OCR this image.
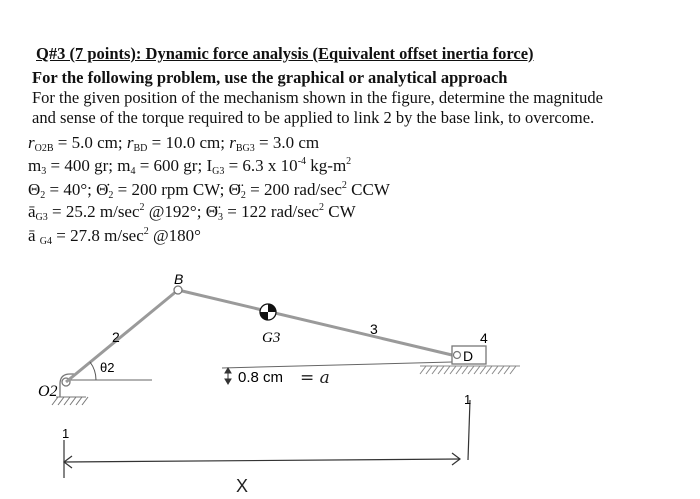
Q#3 (7 points): Dynamic force analysis (Equivalent offset inertia force)
For the following problem, use the graphical or analytical approach
For the given position of the mechanism shown in the figure, determine the magnitude
and sense of the torque required to be applied to link 2 by the base link, to overcome.
$r_{O2B} = 5.0$ cm; $r_{BD} = 10.0$ cm; $r_{BG3} = 3.0$ cm
$m_3 = 400$ gr; $m_4 = 600$ gr; $I_{G3} = 6.3$ x $10^{-4}$ $kg-m^2$
$\Theta_2 = 40^\circ$; $\Thetȧ_2 = 200$ rpm CW; $\Thetä_2 = 200$ rad/$\sec^2$ CCW
$ā_{G3} = 25.2$ $m/\sec^2$ @192°; $\Thetä_3 = 122$ rad/$\sec^2$ CW
ā $_{G4}$ = 27.8 $m/\sec^2$ @180°
B
O2
2
θ2
G3
3
4
D
1
1
0.8 cm = a
X
